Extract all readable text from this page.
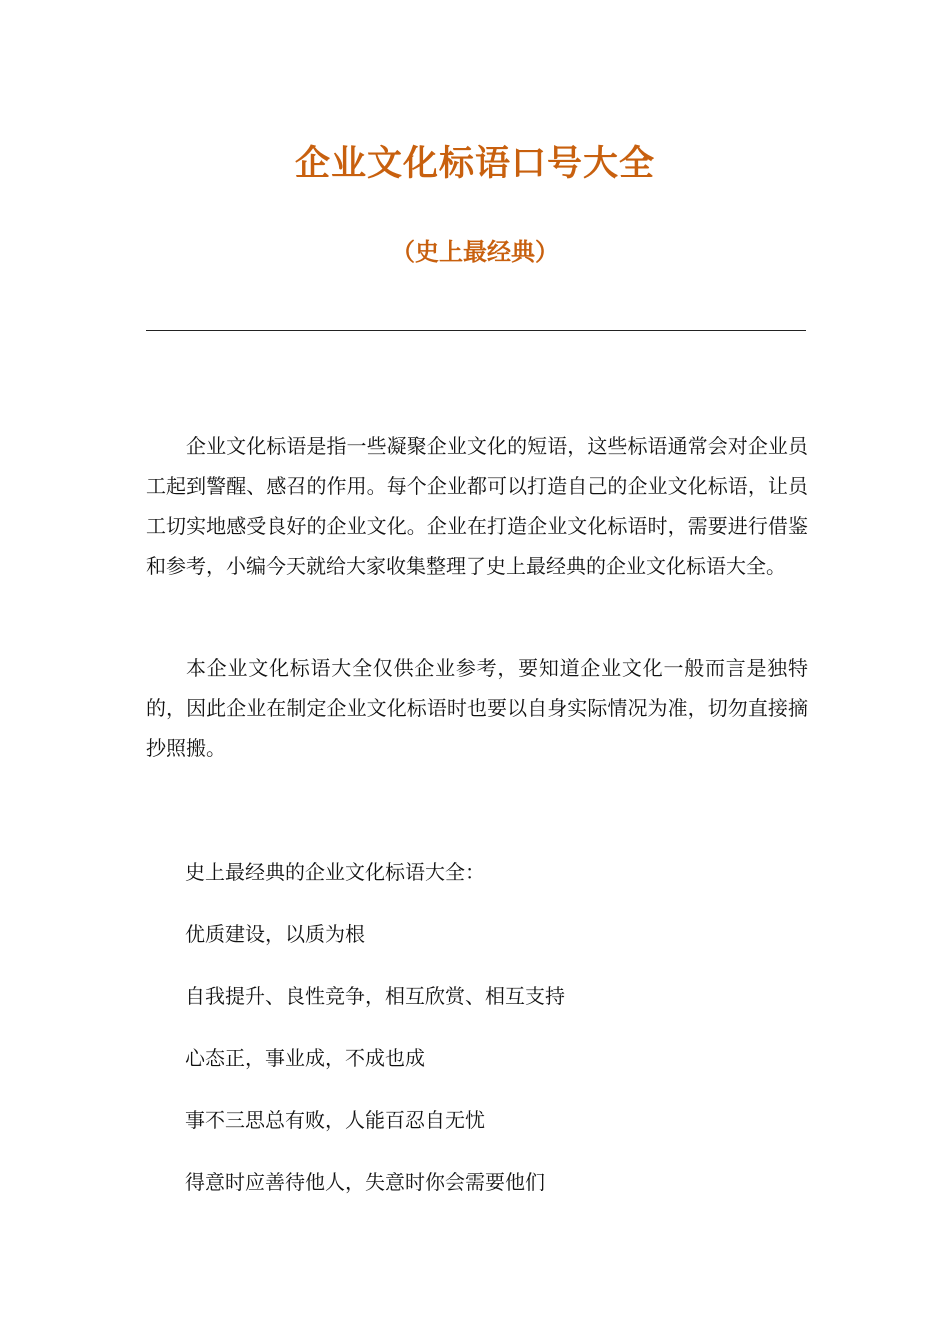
企业文化标语口号大全
（史上最经典）

企业文化标语是指一些凝聚企业文化的短语，这些标语通常会对企业员工起到警醒、感召的作用。每个企业都可以打造自己的企业文化标语，让员工切实地感受良好的企业文化。企业在打造企业文化标语时，需要进行借鉴和参考，小编今天就给大家收集整理了史上最经典的企业文化标语大全。

本企业文化标语大全仅供企业参考，要知道企业文化一般而言是独特的，因此企业在制定企业文化标语时也要以自身实际情况为准，切勿直接摘抄照搬。

史上最经典的企业文化标语大全：

优质建设，以质为根
自我提升、良性竞争，相互欣赏、相互支持
心态正，事业成，不成也成
事不三思总有败，人能百忍自无忧
得意时应善待他人，失意时你会需要他们
